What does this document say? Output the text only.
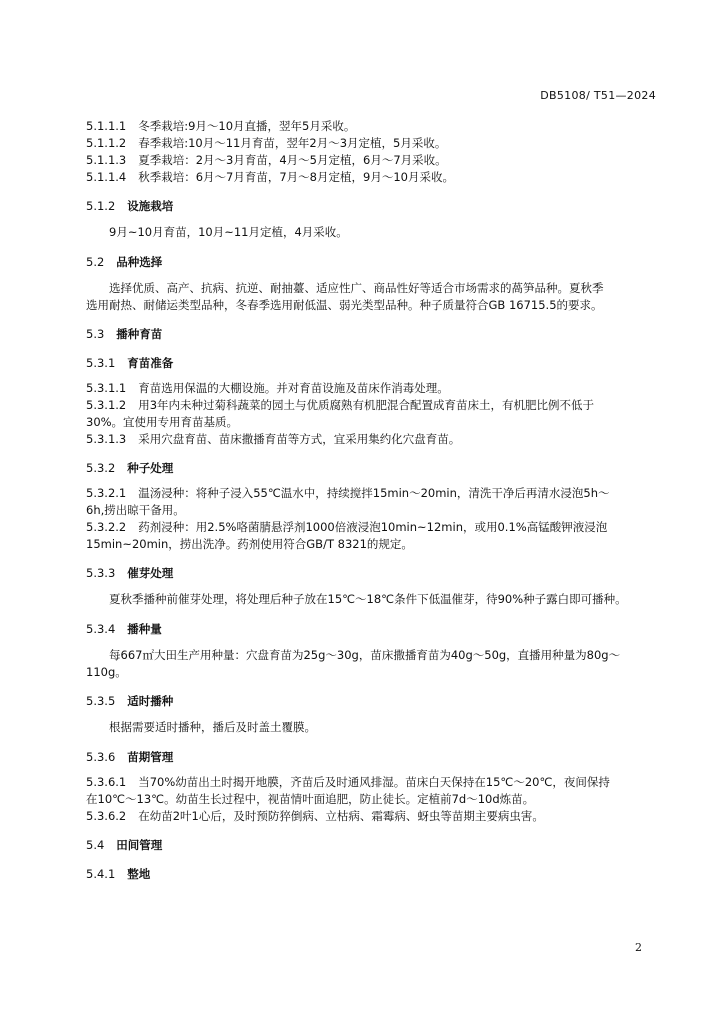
DB5108/ T51—2024
5.1.1.1 冬季栽培:9月～10月直播，翌年5月采收。
5.1.1.2 春季栽培:10月～11月育苗，翌年2月～3月定植，5月采收。
5.1.1.3 夏季栽培：2月～3月育苗，4月～5月定植，6月～7月采收。
5.1.1.4 秋季栽培：6月～7月育苗，7月～8月定植，9月～10月采收。
5.1.2 设施栽培
9月~10月育苗，10月~11月定植，4月采收。
5.2 品种选择
选择优质、高产、抗病、抗逆、耐抽薹、适应性广、商品性好等适合市场需求的萵笋品种。夏秋季
选用耐热、耐储运类型品种，冬春季选用耐低温、弱光类型品种。种子质量符合GB 16715.5的要求。
5.3 播种育苗
5.3.1 育苗准备
5.3.1.1 育苗选用保温的大棚设施。并对育苗设施及苗床作消毒处理。
5.3.1.2 用3年内未种过菊科蔬菜的园土与优质腐熟有机肥混合配置成育苗床土，有机肥比例不低于
30%。宜使用专用育苗基质。
5.3.1.3 采用穴盘育苗、苗床撒播育苗等方式，宜采用集约化穴盘育苗。
5.3.2 种子处理
5.3.2.1 温汤浸种：将种子浸入55℃温水中，持续搅拌15min～20min，清洗干净后再清水浸泡5h～
6h,捞出晾干备用。
5.3.2.2 药剂浸种：用2.5%咯菌腈悬浮剂1000倍液浸泡10min~12min，或用0.1%高锰酸钾液浸泡
15min~20min，捞出洗净。药剂使用符合GB/T 8321的规定。
5.3.3 催芽处理
夏秋季播种前催芽处理，将处理后种子放在15℃～18℃条件下低温催芽，待90%种子露白即可播种。
5.3.4 播种量
每667㎡大田生产用种量：穴盘育苗为25g～30g，苗床撒播育苗为40g～50g，直播用种量为80g～
110g。
5.3.5 适时播种
根据需要适时播种，播后及时盖土覆膜。
5.3.6 苗期管理
5.3.6.1 当70%幼苗出土时揭开地膜，齐苗后及时通风排湿。苗床白天保持在15℃～20℃，夜间保持
在10℃～13℃。幼苗生长过程中，视苗情叶面追肥，防止徒长。定植前7d～10d炼苗。
5.3.6.2 在幼苗2叶1心后，及时预防猝倒病、立枯病、霜霉病、蚜虫等苗期主要病虫害。
5.4 田间管理
5.4.1 整地
2
